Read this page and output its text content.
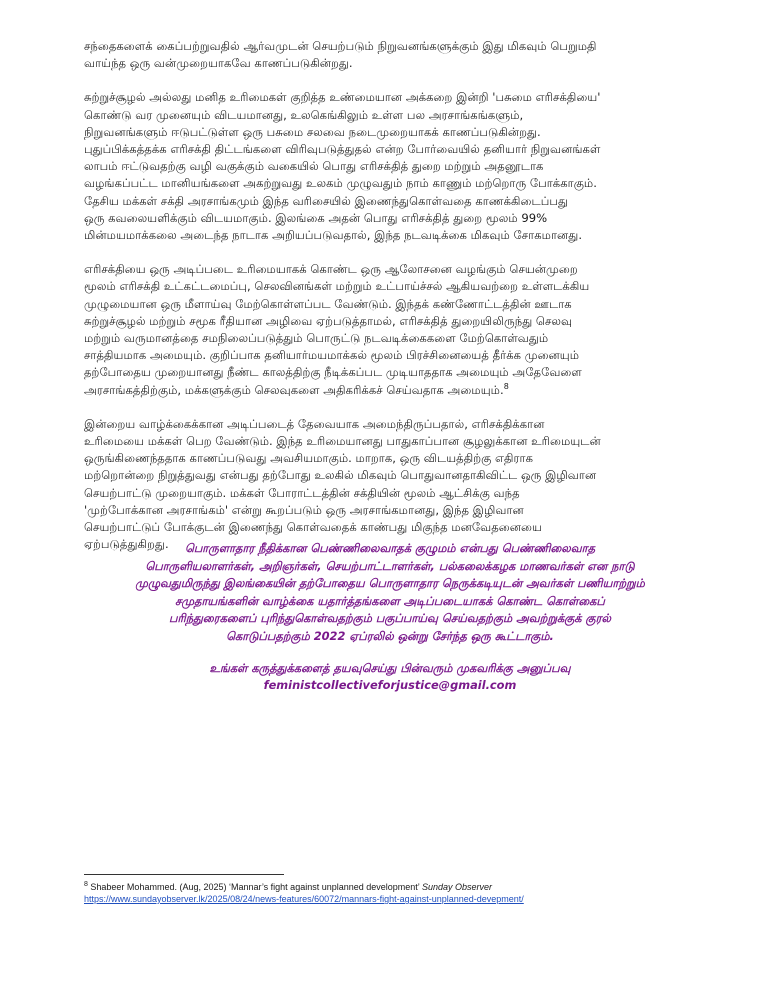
சந்தைகளைக் கைப்பற்றுவதில் ஆர்வமுடன் செயற்படும் நிறுவனங்களுக்கும் இது மிகவும் பெறுமதி
வாய்ந்த ஒரு வன்முறையாகவே காணப்படுகின்றது.

சுற்றுச்சூழல் அல்லது மனித உரிமைகள் குறித்த உண்மையான அக்கறை இன்றி 'பசுமை எரிசக்தியை'
கொண்டு வர முனையும் விடயமானது, உலகெங்கிலும் உள்ள பல அரசாங்கங்களும்,
நிறுவனங்களும் ஈடுபட்டுள்ள ஒரு பசுமை சலவை நடைமுறையாகக் காணப்படுகின்றது.
புதுப்பிக்கத்தக்க எரிசக்தி திட்டங்களை விரிவுபடுத்துதல் என்ற போர்வையில் தனியார் நிறுவனங்கள்
லாபம் ஈட்டுவதற்கு வழி வகுக்கும் வகையில் பொது எரிசக்தித் துறை மற்றும் அதனூடாக
வழங்கப்பட்ட மானியங்களை அகற்றுவது உலகம் முழுவதும் நாம் காணும் மற்றொரு போக்காகும்.
தேசிய மக்கள் சக்தி அரசாங்கமும் இந்த வரிசையில் இணைந்துகொள்வதை காணக்கிடைப்பது
ஒரு கவலையளிக்கும் விடயமாகும். இலங்கை அதன் பொது எரிசக்தித் துறை மூலம் 99%
மின்மயமாக்கலை அடைந்த நாடாக அறியப்படுவதால், இந்த நடவடிக்கை மிகவும் சோகமானது.

எரிசக்தியை ஒரு அடிப்படை உரிமையாகக் கொண்ட ஒரு ஆலோசனை வழங்கும் செயன்முறை
மூலம் எரிசக்தி உட்கட்டமைப்பு, செலவினங்கள் மற்றும் உட்பாய்ச்சல் ஆகியவற்றை உள்ளடக்கிய
முழுமையான ஒரு மீளாய்வு மேற்கொள்ளப்பட வேண்டும். இந்தக் கண்ணோட்டத்தின் ஊடாக
சுற்றுச்சூழல் மற்றும் சமூக ரீதியான அழிவை ஏற்படுத்தாமல், எரிசக்தித் துறையிலிருந்து செலவு
மற்றும் வருமானத்தை சமநிலைப்படுத்தும் பொருட்டு நடவடிக்கைகளை மேற்கொள்வதும்
சாத்தியமாக அமையும். குறிப்பாக தனியார்மயமாக்கல் மூலம் பிரச்சினையைத் தீர்க்க முனையும்
தற்போதைய முறையானது நீண்ட காலத்திற்கு நீடிக்கப்பட முடியாததாக அமையும் அதேவேளை
அரசாங்கத்திற்கும், மக்களுக்கும் செலவுகளை அதிகரிக்கச் செய்வதாக அமையும்.$^8$

இன்றைய வாழ்க்கைக்கான அடிப்படைத் தேவையாக அமைந்திருப்பதால், எரிசக்திக்கான
உரிமையை மக்கள் பெற வேண்டும். இந்த உரிமையானது பாதுகாப்பான சூழலுக்கான உரிமையுடன்
ஒருங்கிணைந்ததாக காணப்படுவது அவசியமாகும். மாறாக, ஒரு விடயத்திற்கு எதிராக
மற்றொன்றை நிறுத்துவது என்பது தற்போது உலகில் மிகவும் பொதுவானதாகிவிட்ட ஒரு இழிவான
செயற்பாட்டு முறையாகும். மக்கள் போராட்டத்தின் சக்தியின் மூலம் ஆட்சிக்கு வந்த
'முற்போக்கான அரசாங்கம்' என்று கூறப்படும் ஒரு அரசாங்கமானது, இந்த இழிவான
செயற்பாட்டுப் போக்குடன் இணைந்து கொள்வதைக் காண்பது மிகுந்த மனவேதனையை
ஏற்படுத்துகிறது.	பொருளாதார நீதிக்கான பெண்ணிலைவாதக் குழுமம் என்பது பெண்ணிலைவாத
பொருளியலாளர்கள், அறிஞர்கள், செயற்பாட்டாளர்கள், பல்கலைக்கழக மாணவர்கள் என நாடு
முழுவதுமிருந்து இலங்கையின் தற்போதைய பொருளாதார நெருக்கடியுடன் அவர்கள் பணியாற்றும்
சமுதாயங்களின் வாழ்க்கை யதார்த்தங்களை அடிப்படையாகக் கொண்ட கொள்கைப்
பரிந்துரைகளைப் புரிந்துகொள்வதற்கும் பகுப்பாய்வு செய்வதற்கும் அவற்றுக்குக் குரல்
கொடுப்பதற்கும் 2022 ஏப்ரலில் ஒன்று சேர்ந்த ஒரு கூட்டாகும்.
உங்கள் கருத்துக்களைத் தயவுசெய்து பின்வரும் முகவரிக்கு அனுப்பவு
feministcollectiveforjustice@gmail.com
$^8$ Shabeer Mohammed. (Aug, 2025) ‘Mannar’s fight against unplanned development’ Sunday Observer
https://www.sundayobserver.lk/2025/08/24/news-features/60072/mannars-fight-against-unplanned-devepment/
